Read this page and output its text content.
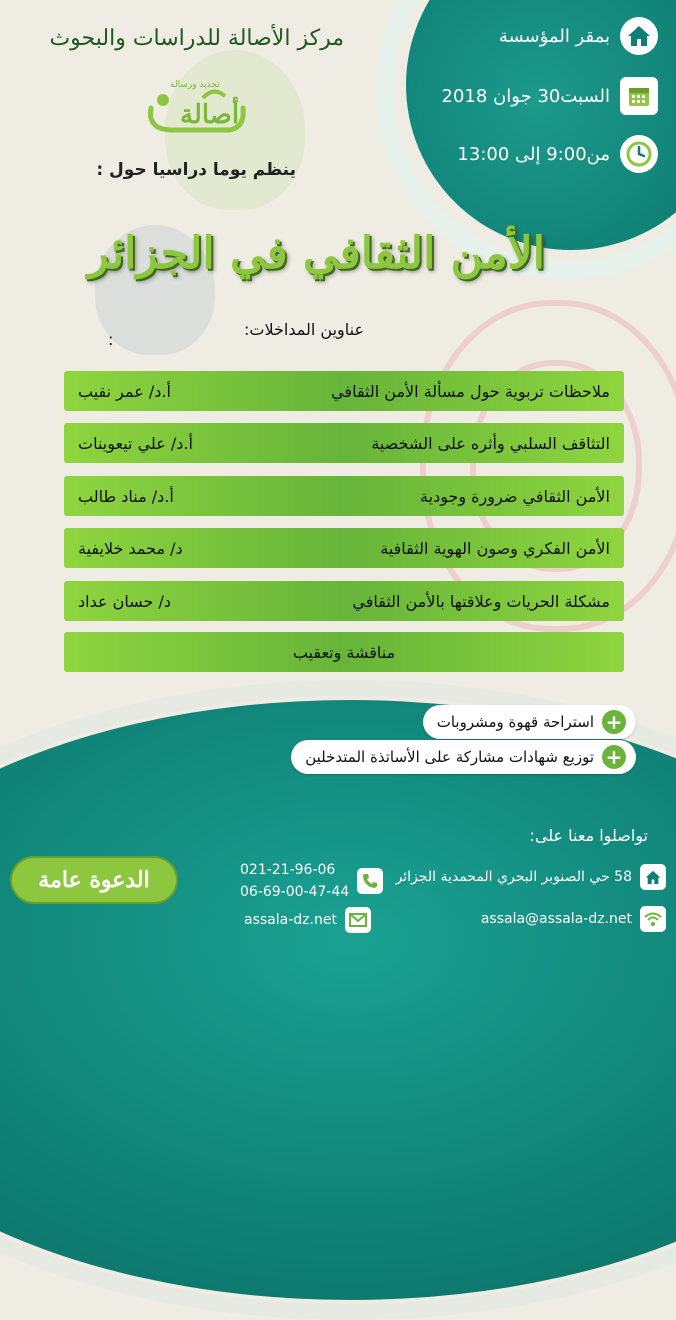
مركز الأصالة للدراسات والبحوث
تجديد ورسالة
أصالة
ينظم يوما دراسيا حول :
بمقر المؤسسة
السبت30 جوان 2018
من9:00 إلى 13:00
الأمن الثقافي في الجزائر
عناوين المداخلات:
:
ملاحظات تربوية حول مسألة الأمن الثقافي
أ.د/ عمر نقيب
التثاقف السلبي وأثره على الشخصية
أ.د/ علي تيعوينات
الأمن الثقافي ضرورة وجودية
أ.د/ مناد طالب
الأمن الفكري وصون الهوية الثقافية
د/ محمد خلايفية
مشكلة الحريات وعلاقتها بالأمن الثقافي
د/ حسان عداد
مناقشة وتعقيب
+
استراحة قهوة ومشروبات
+
توزيع شهادات مشاركة على الأساتذة المتدخلين
تواصلوا معنا على:
58 حي الصنوبر البحري المحمدية الجزائر
assala@assala-dz.net
021-21-96-06
06-69-00-47-44
assala-dz.net
الدعوة عامة
